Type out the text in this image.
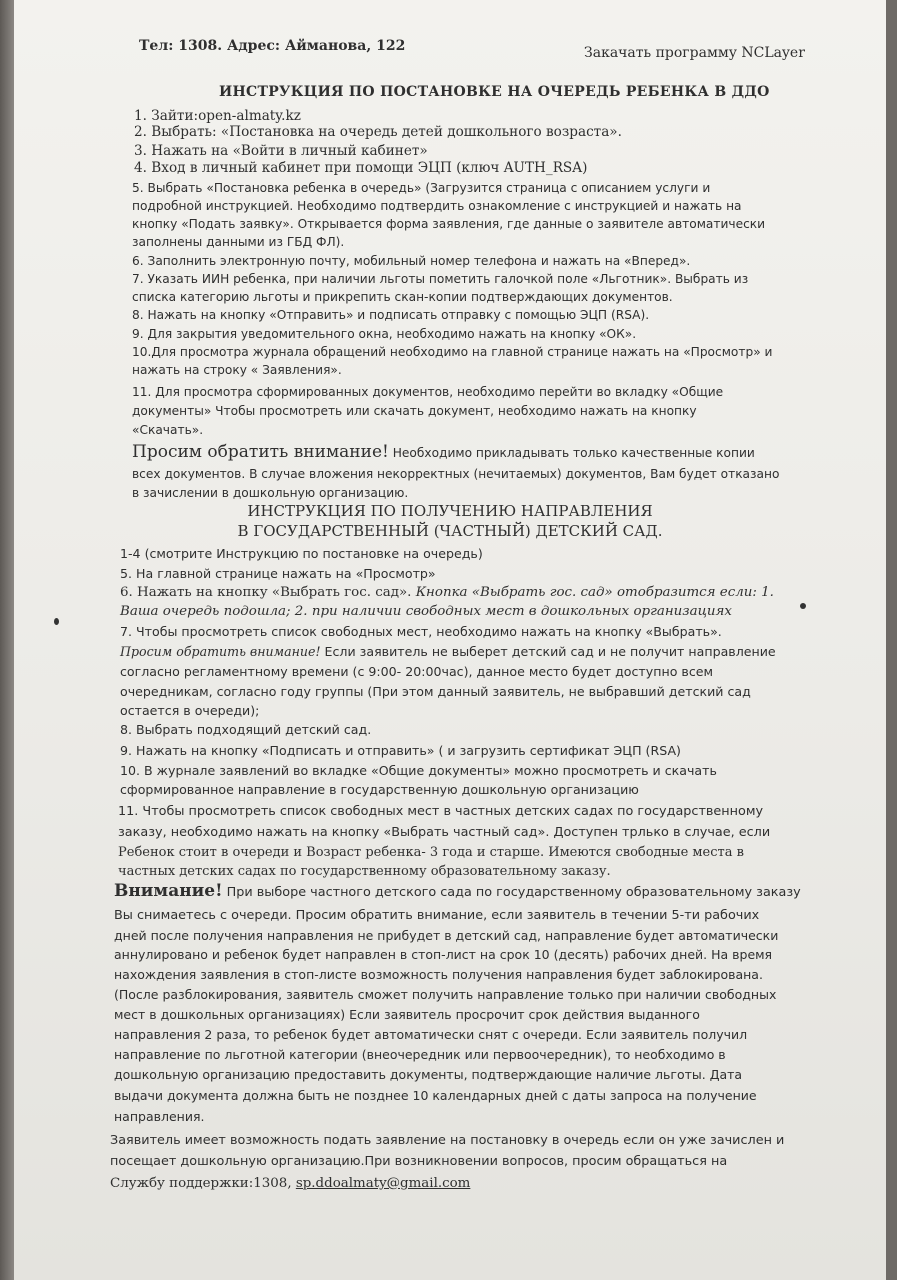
Тел: 1308. Адрес: Айманова, 122	Закачать программу NCLayer
ИНСТРУКЦИЯ ПО ПОСТАНОВКЕ НА ОЧЕРЕДЬ РЕБЕНКА В ДДО
1. Зайти:open-almaty.kz
2. Выбрать: «Постановка на очередь детей дошкольного возраста».
3. Нажать на «Войти в личный кабинет»
4. Вход в личный кабинет при помощи ЭЦП (ключ AUTH_RSA)
5. Выбрать «Постановка ребенка в очередь» (Загрузится страница с описанием услуги и
подробной инструкцией. Необходимо подтвердить ознакомление с инструкцией и нажать на
кнопку «Подать заявку». Открывается форма заявления, где данные о заявителе автоматически
заполнены данными из ГБД ФЛ).
6. Заполнить электронную почту, мобильный номер телефона и нажать на «Вперед».
7. Указать ИИН ребенка, при наличии льготы пометить галочкой поле «Льготник». Выбрать из
списка категорию льготы и прикрепить скан-копии подтверждающих документов.
8. Нажать на кнопку «Отправить» и подписать отправку с помощью ЭЦП (RSA).
9. Для закрытия уведомительного окна, необходимо нажать на кнопку «ОК».
10.Для просмотра журнала обращений необходимо на главной странице нажать на «Просмотр» и
нажать на строку « Заявления».
11. Для просмотра сформированных документов, необходимо перейти во вкладку «Общие
документы» Чтобы просмотреть или скачать документ, необходимо нажать на кнопку
«Скачать».
Просим обратить внимание! Необходимо прикладывать только качественные копии
всех документов. В случае вложения некорректных (нечитаемых) документов, Вам будет отказано
в зачислении в дошкольную организацию.
ИНСТРУКЦИЯ ПО ПОЛУЧЕНИЮ НАПРАВЛЕНИЯ
В ГОСУДАРСТВЕННЫЙ (ЧАСТНЫЙ) ДЕТСКИЙ САД.
1-4 (смотрите Инструкцию по постановке на очередь)
5. На главной странице нажать на «Просмотр»
6. Нажать на кнопку «Выбрать гос. сад». Кнопка «Выбрать гос. сад» отобразится если: 1.
Ваша очередь подошла; 2. при наличии свободных мест в дошкольных организациях
7. Чтобы просмотреть список свободных мест, необходимо нажать на кнопку «Выбрать».
Просим обратить внимание! Если заявитель не выберет детский сад и не получит направление
согласно регламентному времени (с 9:00- 20:00час), данное место будет доступно всем
очередникам, согласно году группы (При этом данный заявитель, не выбравший детский сад
остается в очереди);
8. Выбрать подходящий детский сад.
9. Нажать на кнопку «Подписать и отправить» ( и загрузить сертификат ЭЦП (RSA)
10. В журнале заявлений во вкладке «Общие документы» можно просмотреть и скачать
сформированное направление в государственную дошкольную организацию
11. Чтобы просмотреть список свободных мест в частных детских садах по государственному
заказу, необходимо нажать на кнопку «Выбрать частный сад». Доступен трлько в случае, если
Ребенок стоит в очереди и Возраст ребенка- 3 года и старше. Имеются свободные места в
частных детских садах по государственному образовательному заказу.
Внимание! При выборе частного детского сада по государственному образовательному заказу
Вы снимаетесь с очереди. Просим обратить внимание, если заявитель в течении 5-ти рабочих
дней после получения направления не прибудет в детский сад, направление будет автоматически
аннулировано и ребенок будет направлен в стоп-лист на срок 10 (десять) рабочих дней. На время
нахождения заявления в стоп-листе возможность получения направления будет заблокирована.
(После разблокирования, заявитель сможет получить направление только при наличии свободных
мест в дошкольных организациях) Если заявитель просрочит срок действия выданного
направления 2 раза, то ребенок будет автоматически снят с очереди. Если заявитель получил
направление по льготной категории (внеочередник или первоочередник), то необходимо в
дошкольную организацию предоставить документы, подтверждающие наличие льготы. Дата
выдачи документа должна быть не позднее 10 календарных дней с даты запроса на получение
направления.
Заявитель имеет возможность подать заявление на постановку в очередь если он уже зачислен и
посещает дошкольную организацию.При возникновении вопросов, просим обращаться на
Службу поддержки:1308, sp.ddoalmaty@gmail.com
